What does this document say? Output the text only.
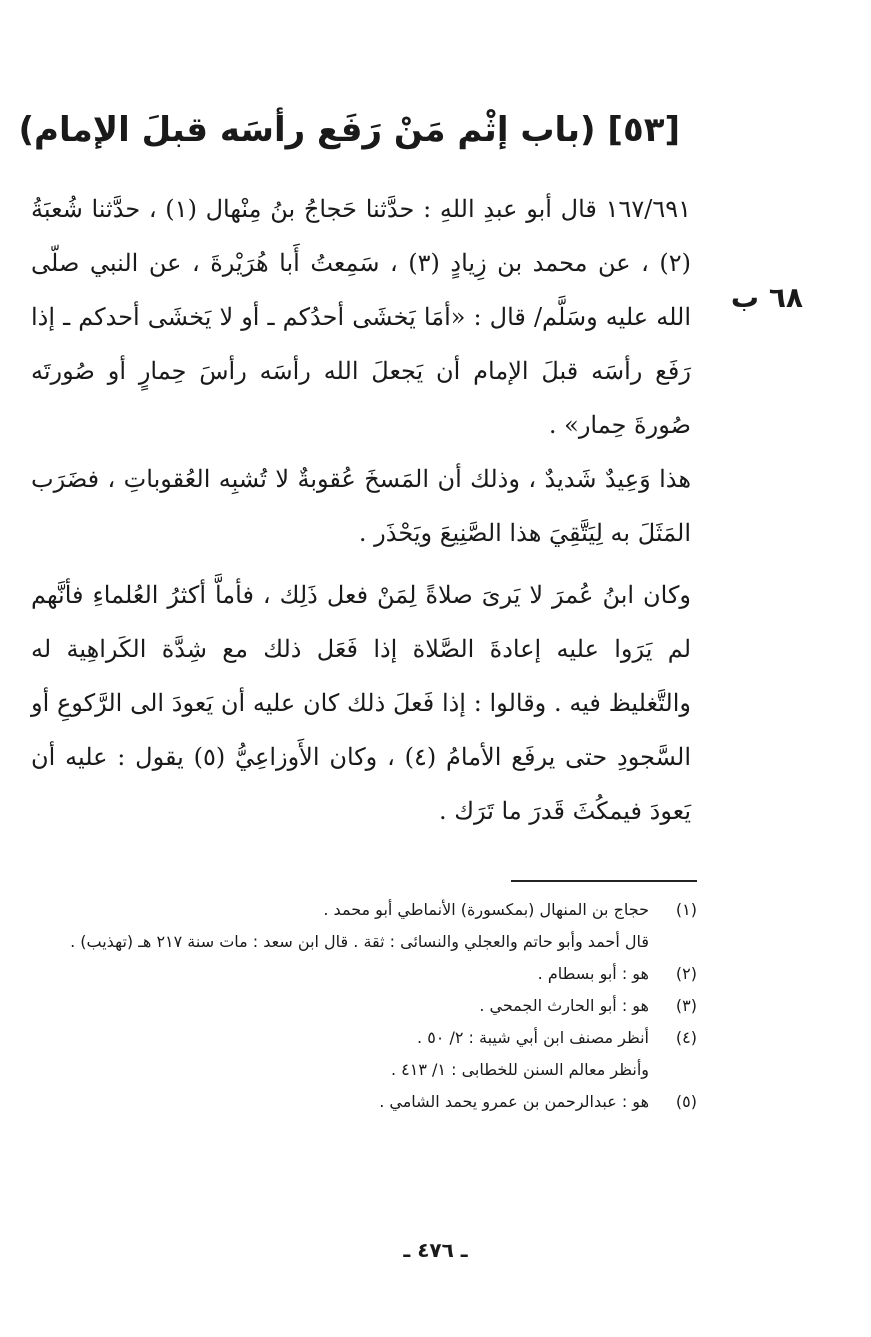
[٥٣] (باب إثْم مَنْ رَفَع رأسَه قبلَ الإمام)
٦٨ ب
١٦٧/٦٩١ قال أبو عبدِ اللهِ : حدَّثنا حَجاجُ بنُ مِنْهال (١) ، حدَّثنا شُعبَةُ (٢) ، عن محمد بن زِيادٍ (٣) ، سَمِعتُ أَبا هُرَيْرةَ ، عن النبي صلّى الله عليه وسَلَّم/ قال : «أمَا يَخشَى أحدُكم ـ أو لا يَخشَى أحدكم ـ إذا رَفَع رأسَه قبلَ الإمام أن يَجعلَ الله رأسَه رأسَ حِمارٍ أو صُورتَه صُورةَ حِمار» .
هذا وَعِيدٌ شَديدٌ ، وذلك أن المَسخَ عُقوبةٌ لا تُشبِه العُقوباتِ ، فضَرَب المَثَلَ به لِيَتَّقِيَ هذا الصَّنِيعَ ويَحْذَر .
وكان ابنُ عُمرَ لا يَرىَ صلاةً لِمَنْ فعل ذَلِك ، فأماَّ أكثرُ العُلماءِ فأنَّهم لم يَرَوا عليه إعادةَ الصَّلاة إذا فَعَل ذلك مع شِدَّة الكَراهِية له والتَّغليظ فيه . وقالوا : إذا فَعلَ ذلك كان عليه أن يَعودَ الى الرَّكوعِ أو السَّجودِ حتى يرفَع الأمامُ (٤) ، وكان الأَوزاعِيُّ (٥) يقول : عليه أن يَعودَ فيمكُثَ قَدرَ ما تَرَك .
(١)
حجاج بن المنهال (بمكسورة) الأنماطي أبو محمد .
قال أحمد وأبو حاتم والعجلي والنسائى : ثقة . قال ابن سعد : مات سنة ٢١٧ هـ (تهذيب) .
(٢)
هو : أبو بسطام .
(٣)
هو : أبو الحارث الجمحي .
(٤)
أنظر مصنف ابن أبي شيبة : ٢/ ٥٠ .
وأنظر معالم السنن للخطابى : ١/ ٤١٣ .
(٥)
هو : عبدالرحمن بن عمرو يحمد الشامي .
ـ ٤٧٦ ـ
